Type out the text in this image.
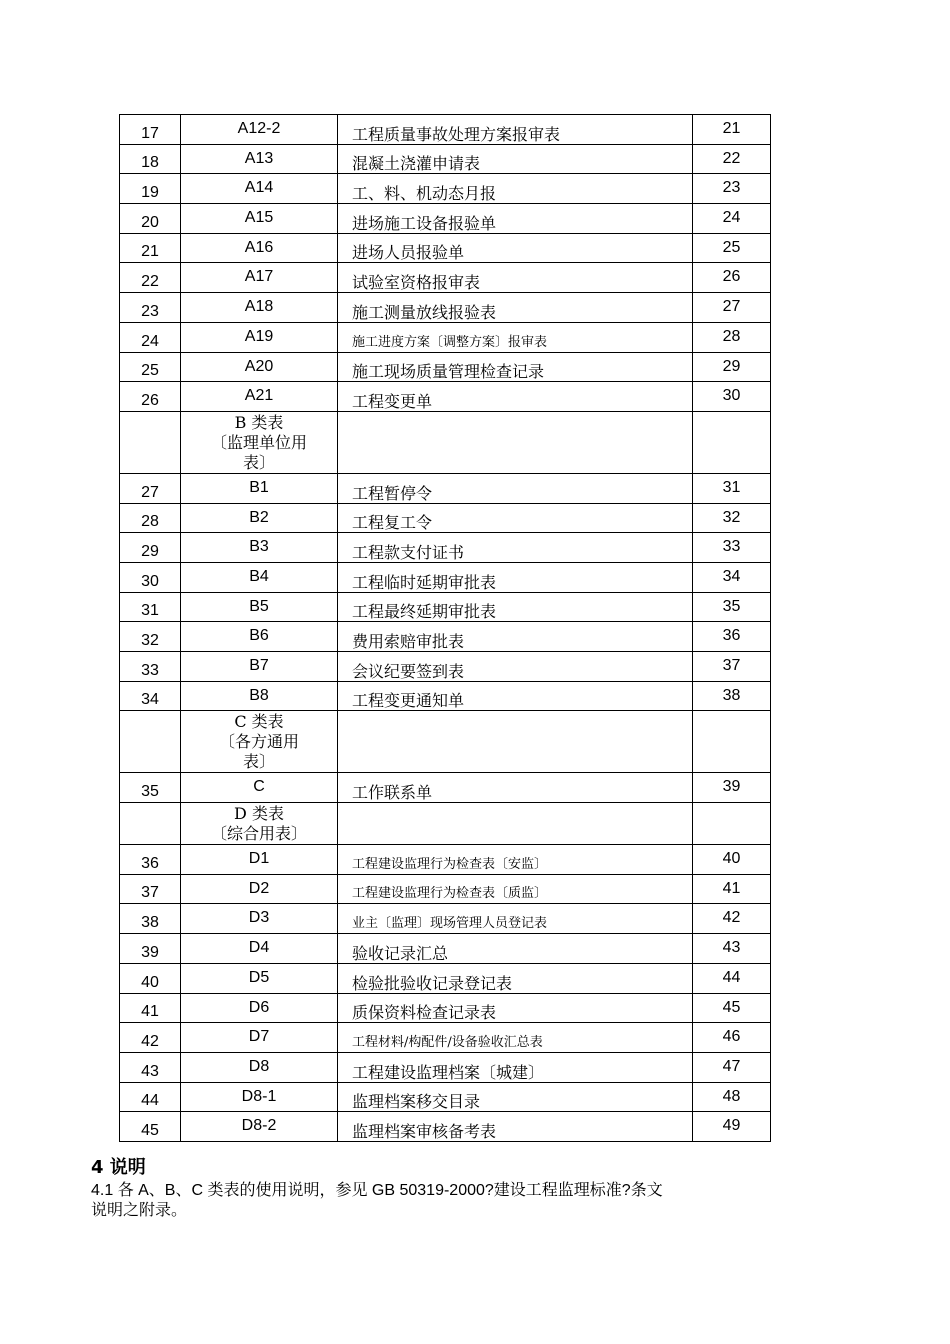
17	A12-2	工程质量事故处理方案报审表	21
18	A13	混凝土浇灌申请表	22
19	A14	工、料、机动态月报	23
20	A15	进场施工设备报验单	24
21	A16	进场人员报验单	25
22	A17	试验室资格报审表	26
23	A18	施工测量放线报验表	27
24	A19	施工进度方案〔调整方案〕报审表	28
25	A20	施工现场质量管理检查记录	29
26	A21	工程变更单	30
	B 类表
〔监理单位用
表〕		
27	B1	工程暂停令	31
28	B2	工程复工令	32
29	B3	工程款支付证书	33
30	B4	工程临时延期审批表	34
31	B5	工程最终延期审批表	35
32	B6	费用索赔审批表	36
33	B7	会议纪要签到表	37
34	B8	工程变更通知单	38
	C 类表
〔各方通用
表〕		
35	C	工作联系单	39
	D 类表
〔综合用表〕		
36	D1	工程建设监理行为检查表〔安监〕	40
37	D2	工程建设监理行为检查表〔质监〕	41
38	D3	业主〔监理〕现场管理人员登记表	42
39	D4	验收记录汇总	43
40	D5	检验批验收记录登记表	44
41	D6	质保资料检查记录表	45
42	D7	工程材料/构配件/设备验收汇总表	46
43	D8	工程建设监理档案〔城建〕	47
44	D8-1	监理档案移交目录	48
45	D8-2	监理档案审核备考表	49
4 说明

4.1 各 A、B、C 类表的使用说明，参见 GB 50319-2000?建设工程监理标准?条文
说明之附录。
